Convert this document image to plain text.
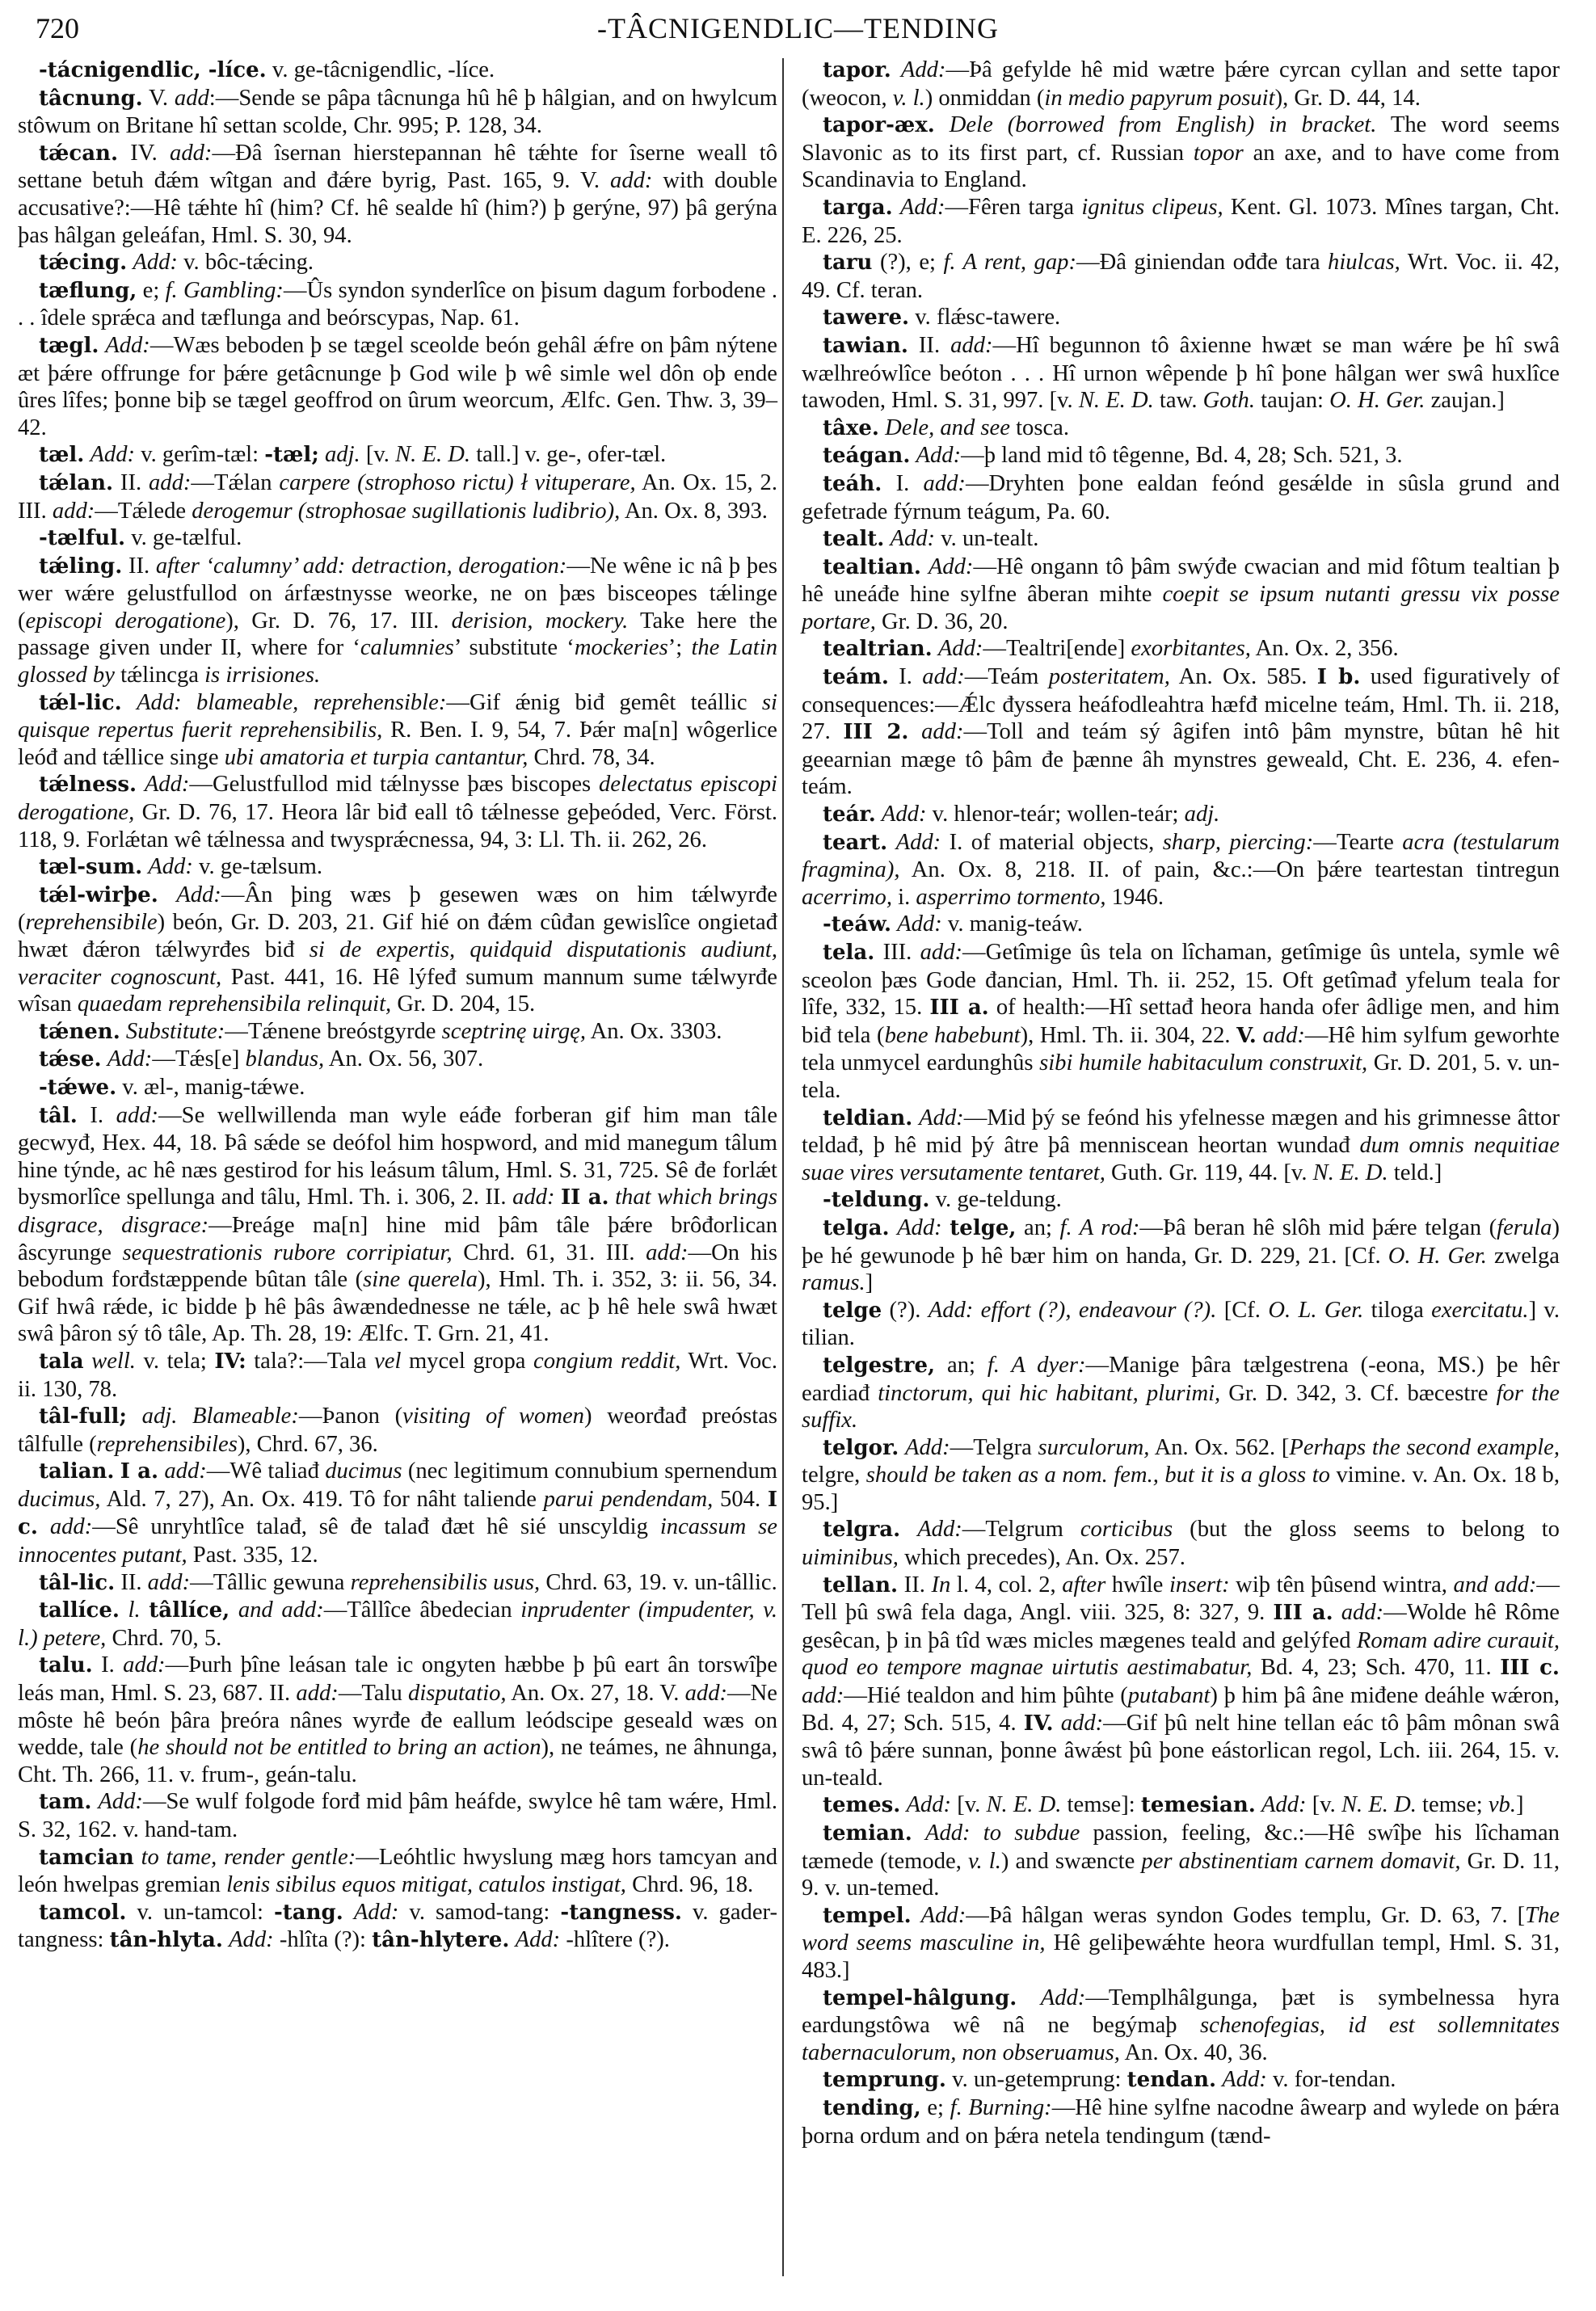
720	-TÂCNIGENDLIC—TENDING

-tácnigendlic, -líce. v. ge-tâcnigendlic, -líce.

tâcnung. V. add:—Sende se pâpa tâcnunga hû hê þ hâlgian, and on hwylcum stôwum on Britane hî settan scolde, Chr. 995; P. 128, 34.

tǽcan. IV. add:—Đâ îsernan hierstepannan hê tǽhte for îserne weall tô settane betuh đǽm wîtgan and đǽre byrig, Past. 165, 9. V. add: with double accusative?:—Hê tǽhte hî (him? Cf. hê sealde hî (him?) þ gerýne, 97) þâ gerýna þas hâlgan geleáfan, Hml. S. 30, 94.

tǽcing. Add: v. bôc-tǽcing.

tæflung, e; f. Gambling:—Ûs syndon synderlîce on þisum dagum forbodene . . . îdele sprǽca and tæflunga and beórscypas, Nap. 61.

tægl. Add:—Wæs beboden þ se tægel sceolde beón gehâl ǽfre on þâm nýtene æt þǽre offrunge for þǽre getâcnunge þ God wile þ wê simle wel dôn oþ ende ûres lîfes; þonne biþ se tægel geoffrod on ûrum weorcum, Ælfc. Gen. Thw. 3, 39–42.

tæl. Add: v. gerîm-tæl: -tæl; adj. [v. N. E. D. tall.] v. ge-, ofer-tæl.

tǽlan. II. add:—Tǽlan carpere (strophoso rictu) ł vituperare, An. Ox. 15, 2. III. add:—Tǽlede derogemur (strophosae sugillationis ludibrio), An. Ox. 8, 393.

-tælful. v. ge-tælful.

tǽling. II. after ‘calumny’ add: detraction, derogation:—Ne wêne ic nâ þ þes wer wǽre gelustfullod on árfæstnysse weorke, ne on þæs bisceopes tǽlinge (episcopi derogatione), Gr. D. 76, 17. III. derision, mockery. Take here the passage given under II, where for ‘calumnies’ substitute ‘mockeries’; the Latin glossed by tǽlincga is irrisiones.

tǽl-lic. Add: blameable, reprehensible:—Gif ǽnig biđ gemêt teállic si quisque repertus fuerit reprehensibilis, R. Ben. I. 9, 54, 7. Þǽr ma[n] wôgerlice leóđ and tǽllice singe ubi amatoria et turpia cantantur, Chrd. 78, 34.

tǽlness. Add:—Gelustfullod mid tǽlnysse þæs biscopes delectatus episcopi derogatione, Gr. D. 76, 17. Heora lâr biđ eall tô tǽlnesse geþeóded, Verc. Först. 118, 9. Forlǽtan wê tǽlnessa and twysprǽcnessa, 94, 3: Ll. Th. ii. 262, 26.

tæl-sum. Add: v. ge-tælsum.

tǽl-wirþe. Add:—Ân þing wæs þ gesewen wæs on him tǽlwyrđe (reprehensibile) beón, Gr. D. 203, 21. Gif hié on đǽm cûđan gewislîce ongietađ hwæt đǽron tǽlwyrđes biđ si de expertis, quidquid disputationis audiunt, veraciter cognoscunt, Past. 441, 16. Hê lýfeđ sumum mannum sume tǽlwyrđe wîsan quaedam reprehensibila relinquit, Gr. D. 204, 15.

tǽnen. Substitute:—Tǽnene breóstgyrde sceptrinę uirgę, An. Ox. 3303.

tǽse. Add:—Tǽs[e] blandus, An. Ox. 56, 307.

-tǽwe. v. æl-, manig-tǽwe.

tâl. I. add:—Se wellwillenda man wyle eáđe forberan gif him man tâle gecwyđ, Hex. 44, 18. Þâ sǽde se deófol him hospword, and mid manegum tâlum hine týnde, ac hê næs gestirod for his leásum tâlum, Hml. S. 31, 725. Sê đe forlǽt bysmorlîce spellunga and tâlu, Hml. Th. i. 306, 2. II. add: II a. that which brings disgrace, disgrace:—Þreáge ma[n] hine mid þâm tâle þǽre brôđorlican âscyrunge sequestrationis rubore corripiatur, Chrd. 61, 31. III. add:—On his bebodum forđstæppende bûtan tâle (sine querela), Hml. Th. i. 352, 3: ii. 56, 34. Gif hwâ rǽde, ic bidde þ hê þâs âwændednesse ne tǽle, ac þ hê hele swâ hwæt swâ þâron sý tô tâle, Ap. Th. 28, 19: Ælfc. T. Grn. 21, 41.

tala well. v. tela; IV: tala?:—Tala vel mycel gropa congium reddit, Wrt. Voc. ii. 130, 78.

tâl-full; adj. Blameable:—Þanon (visiting of women) weorđađ preóstas tâlfulle (reprehensibiles), Chrd. 67, 36.

talian. I a. add:—Wê taliađ ducimus (nec legitimum connubium spernendum ducimus, Ald. 7, 27), An. Ox. 419. Tô for nâht taliende parui pendendam, 504. I c. add:—Sê unryhtlîce talađ, sê đe talađ đæt hê sié unscyldig incassum se innocentes putant, Past. 335, 12.

tâl-lic. II. add:—Tâllic gewuna reprehensibilis usus, Chrd. 63, 19. v. un-tâllic.

tallíce. l. tâllíce, and add:—Tâllîce âbedecian inprudenter (impudenter, v. l.) petere, Chrd. 70, 5.

talu. I. add:—Þurh þîne leásan tale ic ongyten hæbbe þ þû eart ân torswîþe leás man, Hml. S. 23, 687. II. add:—Talu disputatio, An. Ox. 27, 18. V. add:—Ne môste hê beón þâra þreóra nânes wyrđe đe eallum leódscipe geseald wæs on wedde, tale (he should not be entitled to bring an action), ne teámes, ne âhnunga, Cht. Th. 266, 11. v. frum-, geán-talu.

tam. Add:—Se wulf folgode forđ mid þâm heáfde, swylce hê tam wǽre, Hml. S. 32, 162. v. hand-tam.

tamcian to tame, render gentle:—Leóhtlic hwyslung mæg hors tamcyan and león hwelpas gremian lenis sibilus equos mitigat, catulos instigat, Chrd. 96, 18.

tamcol. v. un-tamcol: -tang. Add: v. samod-tang: -tangness. v. gader-tangness: tân-hlyta. Add: -hlîta (?): tân-hlytere. Add: -hlîtere (?).

tapor. Add:—Þâ gefylde hê mid wætre þǽre cyrcan cyllan and sette tapor (weocon, v. l.) onmiddan (in medio papyrum posuit), Gr. D. 44, 14.

tapor-æx. Dele (borrowed from English) in bracket. The word seems Slavonic as to its first part, cf. Russian topor an axe, and to have come from Scandinavia to England.

targa. Add:—Fêren targa ignitus clipeus, Kent. Gl. 1073. Mînes targan, Cht. E. 226, 25.

taru (?), e; f. A rent, gap:—Đâ giniendan ođđe tara hiulcas, Wrt. Voc. ii. 42, 49. Cf. teran.

tawere. v. flǽsc-tawere.

tawian. II. add:—Hî begunnon tô âxienne hwæt se man wǽre þe hî swâ wælhreówlîce beóton . . . Hî urnon wêpende þ hî þone hâlgan wer swâ huxlîce tawoden, Hml. S. 31, 997. [v. N. E. D. taw. Goth. taujan: O. H. Ger. zaujan.]

tâxe. Dele, and see tosca.

teágan. Add:—þ land mid tô têgenne, Bd. 4, 28; Sch. 521, 3.

teáh. I. add:—Dryhten þone ealdan feónd gesǽlde in sûsla grund and gefetrade fýrnum teágum, Pa. 60.

tealt. Add: v. un-tealt.

tealtian. Add:—Hê ongann tô þâm swýđe cwacian and mid fôtum tealtian þ hê uneáđe hine sylfne âberan mihte coepit se ipsum nutanti gressu vix posse portare, Gr. D. 36, 20.

tealtrian. Add:—Tealtri[ende] exorbitantes, An. Ox. 2, 356.

teám. I. add:—Teám posteritatem, An. Ox. 585. I b. used figuratively of consequences:—Ǽlc đyssera heáfodleahtra hæfđ micelne teám, Hml. Th. ii. 218, 27. III 2. add:—Toll and teám sý âgifen intô þâm mynstre, bûtan hê hit geearnian mæge tô þâm đe þænne âh mynstres geweald, Cht. E. 236, 4. efen-teám.

teár. Add: v. hlenor-teár; wollen-teár; adj.

teart. Add: I. of material objects, sharp, piercing:—Tearte acra (testularum fragmina), An. Ox. 8, 218. II. of pain, &c.:—On þǽre teartestan tintregun acerrimo, i. asperrimo tormento, 1946.

-teáw. Add: v. manig-teáw.

tela. III. add:—Getîmige ûs tela on lîchaman, getîmige ûs untela, symle wê sceolon þæs Gode đancian, Hml. Th. ii. 252, 15. Oft getîmađ yfelum teala for lîfe, 332, 15. III a. of health:—Hî settađ heora handa ofer âdlige men, and him biđ tela (bene habebunt), Hml. Th. ii. 304, 22. V. add:—Hê him sylfum geworhte tela unmycel eardunghûs sibi humile habitaculum construxit, Gr. D. 201, 5. v. un-tela.

teldian. Add:—Mid þý se feónd his yfelnesse mægen and his grimnesse âttor teldađ, þ hê mid þý âtre þâ menniscean heortan wundađ dum omnis nequitiae suae vires versutamente tentaret, Guth. Gr. 119, 44. [v. N. E. D. teld.]

-teldung. v. ge-teldung.

telga. Add: telge, an; f. A rod:—Þâ beran hê slôh mid þǽre telgan (ferula) þe hé gewunode þ hê bær him on handa, Gr. D. 229, 21. [Cf. O. H. Ger. zwelga ramus.]

telge (?). Add: effort (?), endeavour (?). [Cf. O. L. Ger. tiloga exercitatu.] v. tilian.

telgestre, an; f. A dyer:—Manige þâra tælgestrena (-eona, MS.) þe hêr eardiađ tinctorum, qui hic habitant, plurimi, Gr. D. 342, 3. Cf. bæcestre for the suffix.

telgor. Add:—Telgra surculorum, An. Ox. 562. [Perhaps the second example, telgre, should be taken as a nom. fem., but it is a gloss to vimine. v. An. Ox. 18 b, 95.]

telgra. Add:—Telgrum corticibus (but the gloss seems to belong to uiminibus, which precedes), An. Ox. 257.

tellan. II. In l. 4, col. 2, after hwîle insert: wiþ tên þûsend wintra, and add:—Tell þû swâ fela daga, Angl. viii. 325, 8: 327, 9. III a. add:—Wolde hê Rôme gesêcan, þ in þâ tîd wæs micles mægenes teald and gelýfed Romam adire curauit, quod eo tempore magnae uirtutis aestimabatur, Bd. 4, 23; Sch. 470, 11. III c. add:—Hié tealdon and him þûhte (putabant) þ him þâ âne miđene deáhle wǽron, Bd. 4, 27; Sch. 515, 4. IV. add:—Gif þû nelt hine tellan eác tô þâm mônan swâ swâ tô þǽre sunnan, þonne âwǽst þû þone eástorlican regol, Lch. iii. 264, 15. v. un-teald.

temes. Add: [v. N. E. D. temse]: temesian. Add: [v. N. E. D. temse; vb.]

temian. Add: to subdue passion, feeling, &c.:—Hê swîþe his lîchaman tæmede (temode, v. l.) and swæncte per abstinentiam carnem domavit, Gr. D. 11, 9. v. un-temed.

tempel. Add:—Þâ hâlgan weras syndon Godes templu, Gr. D. 63, 7. [The word seems masculine in, Hê geliþewǽhte heora wurdfullan templ, Hml. S. 31, 483.]

tempel-hâlgung. Add:—Templhâlgunga, þæt is symbelnessa hyra eardungstôwa wê nâ ne begýmaþ schenofegias, id est sollemnitates tabernaculorum, non obseruamus, An. Ox. 40, 36.

temprung. v. un-getemprung: tendan. Add: v. for-tendan.

tending, e; f. Burning:—Hê hine sylfne nacodne âwearp and wylede on þǽra þorna ordum and on þǽra netela tendingum (tænd-
